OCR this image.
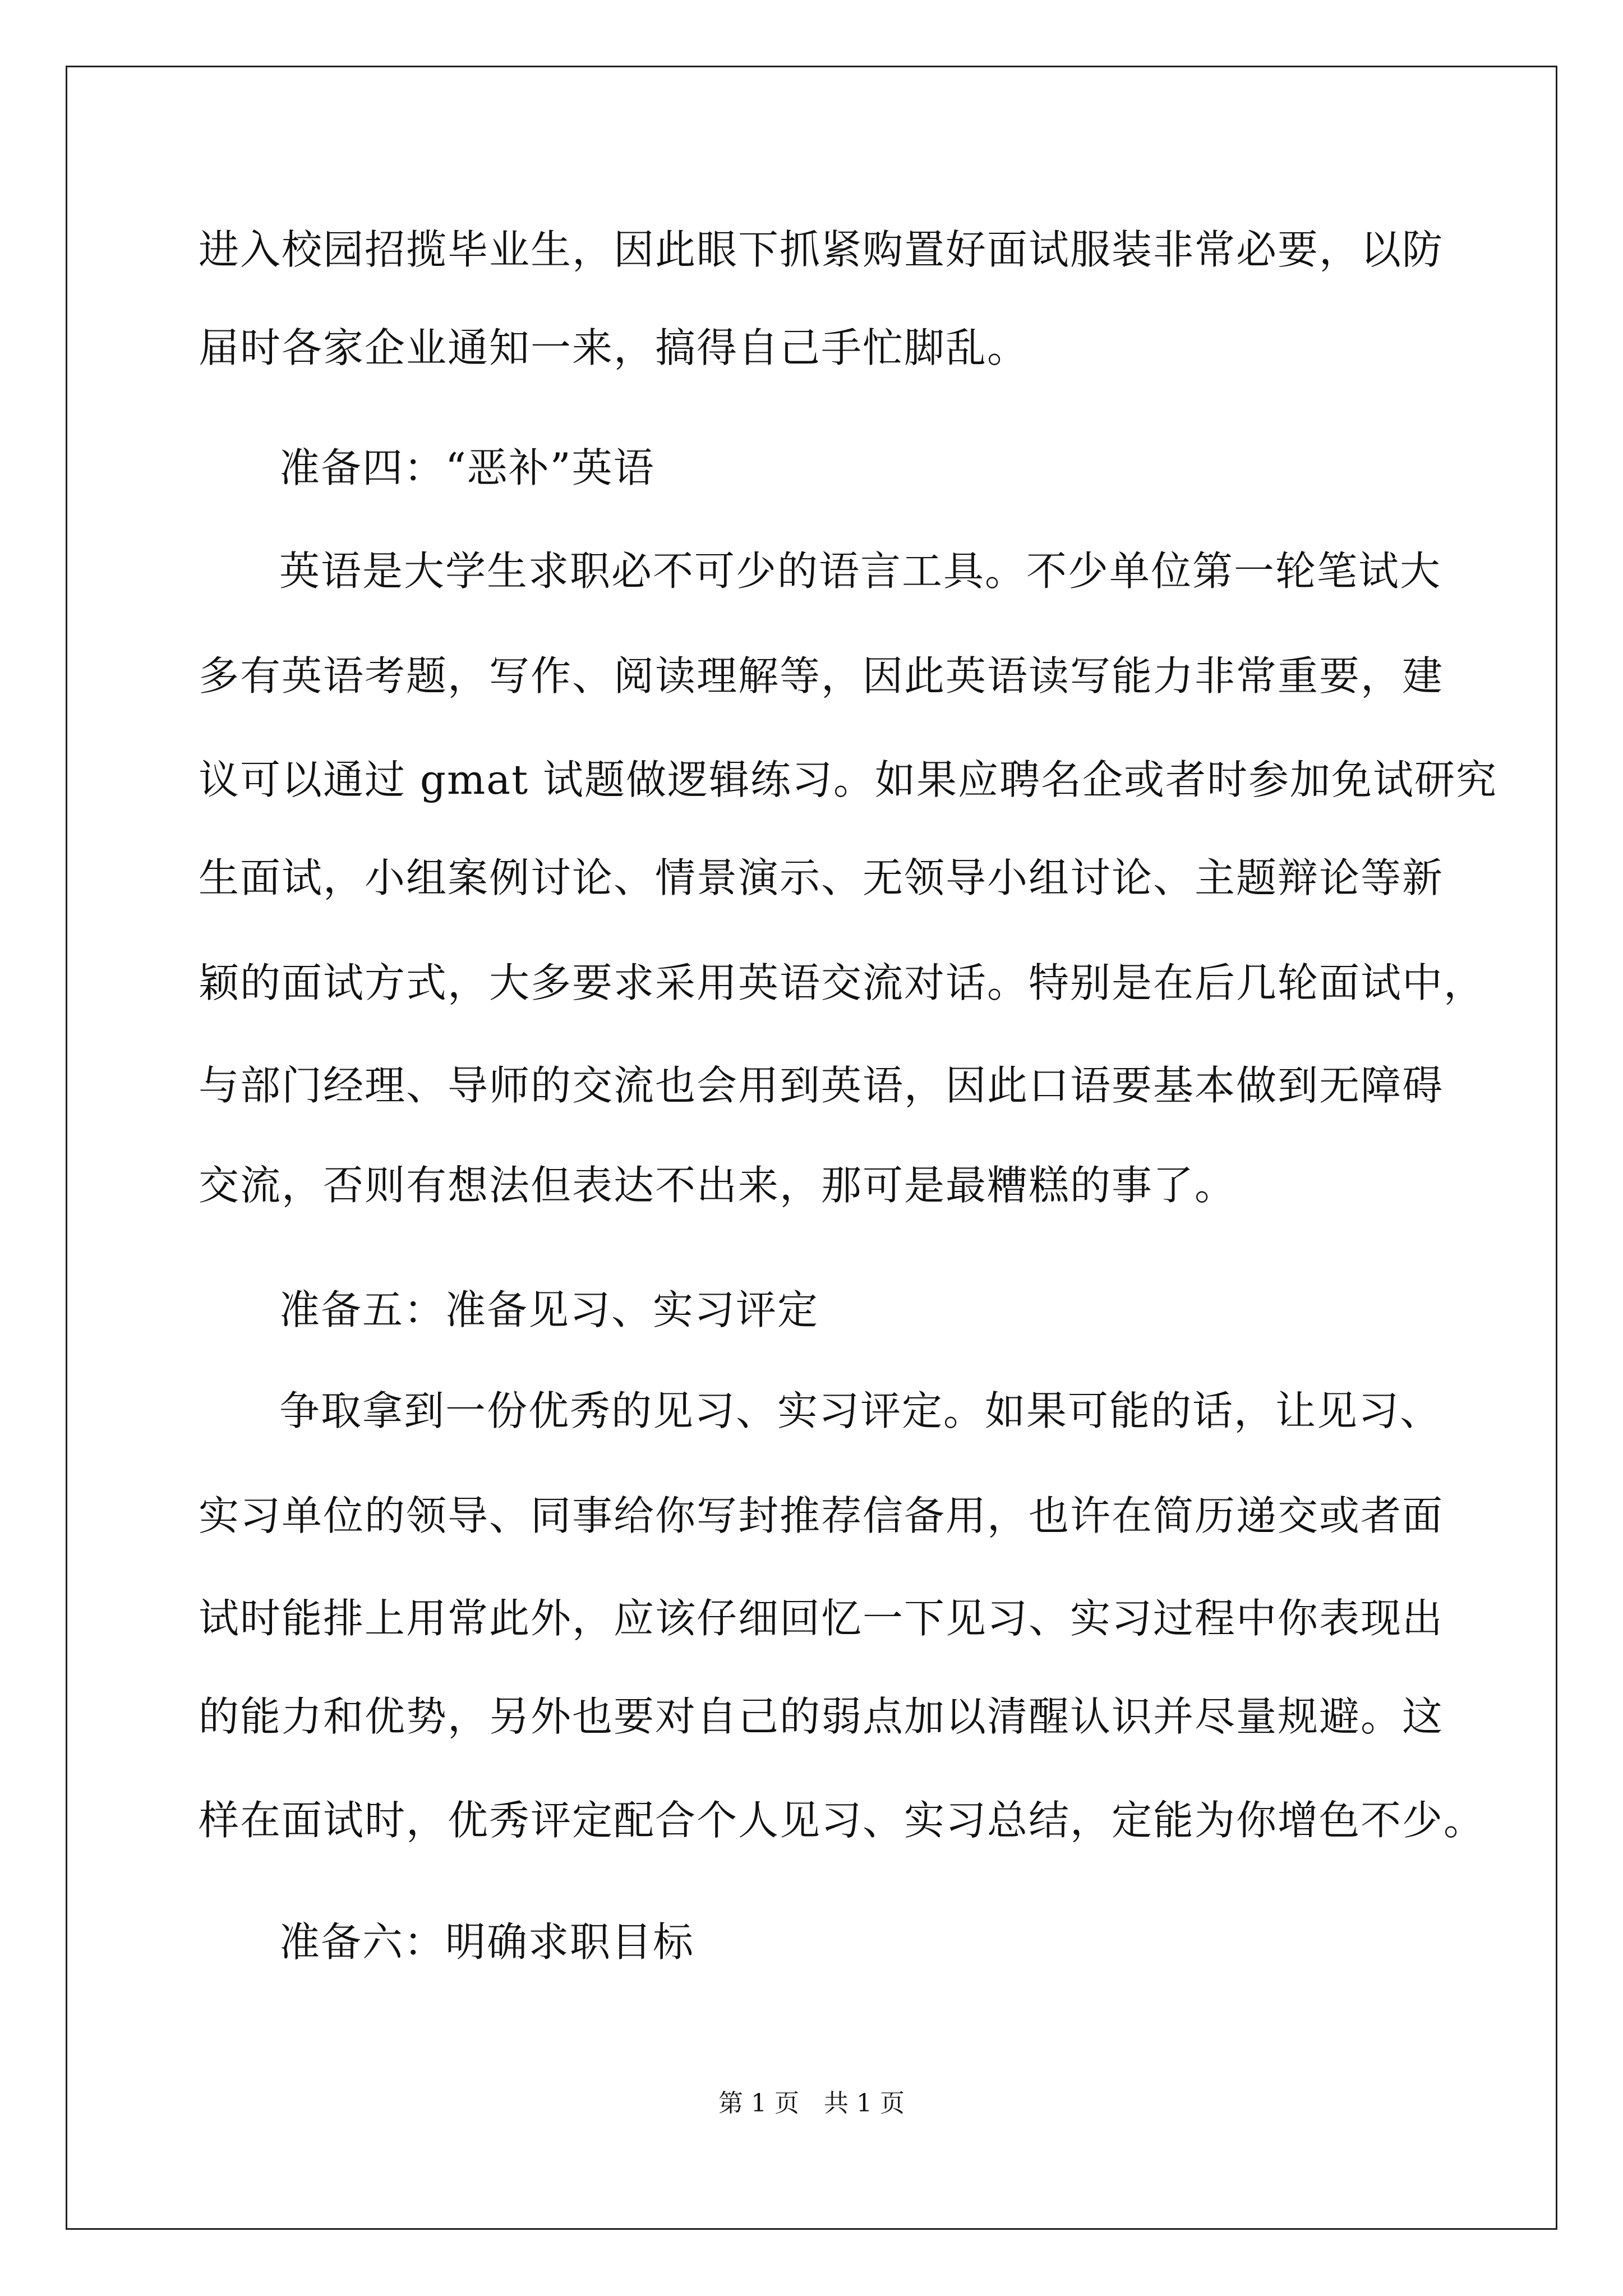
进入校园招揽毕业生，因此眼下抓紧购置好面试服装非常必要，以防
届时各家企业通知一来，搞得自己手忙脚乱。
准备四：“恶补”英语
英语是大学生求职必不可少的语言工具。不少单位第一轮笔试大
多有英语考题，写作、阅读理解等，因此英语读写能力非常重要，建
议可以通过 gmat 试题做逻辑练习。如果应聘名企或者时参加免试研究
生面试，小组案例讨论、情景演示、无领导小组讨论、主题辩论等新
颖的面试方式，大多要求采用英语交流对话。特别是在后几轮面试中，
与部门经理、导师的交流也会用到英语，因此口语要基本做到无障碍
交流，否则有想法但表达不出来，那可是最糟糕的事了。
准备五：准备见习、实习评定
争取拿到一份优秀的见习、实习评定。如果可能的话，让见习、
实习单位的领导、同事给你写封推荐信备用，也许在简历递交或者面
试时能排上用常此外，应该仔细回忆一下见习、实习过程中你表现出
的能力和优势，另外也要对自己的弱点加以清醒认识并尽量规避。这
样在面试时，优秀评定配合个人见习、实习总结，定能为你增色不少。
准备六：明确求职目标
第 1 页　共 1 页
